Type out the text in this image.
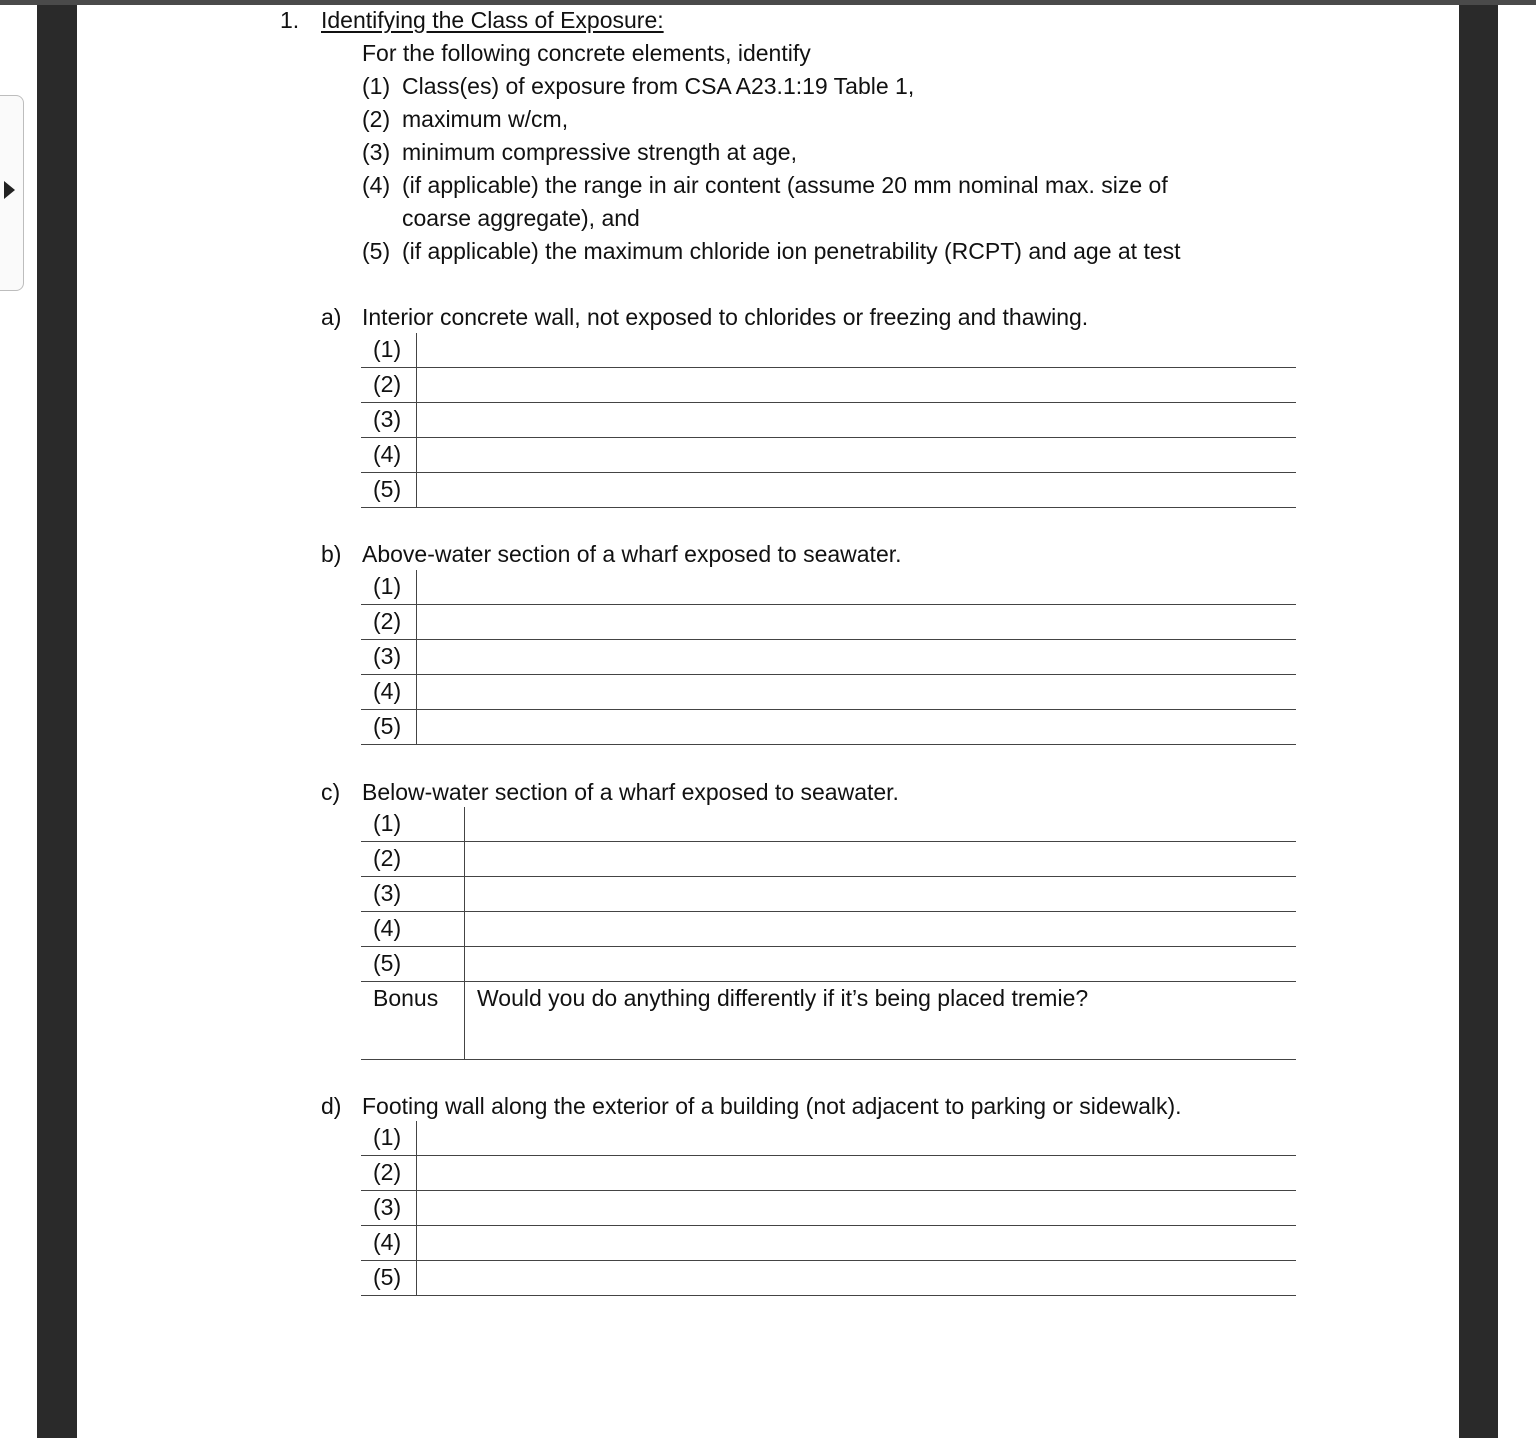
1. Identifying the Class of Exposure:
For the following concrete elements, identify
(1) Class(es) of exposure from CSA A23.1:19 Table 1,
(2) maximum w/cm,
(3) minimum compressive strength at age,
(4) (if applicable) the range in air content (assume 20 mm nominal max. size of
coarse aggregate), and
(5) (if applicable) the maximum chloride ion penetrability (RCPT) and age at test
a) Interior concrete wall, not exposed to chlorides or freezing and thawing.
(1)
(2)
(3)
(4)
(5)
b) Above-water section of a wharf exposed to seawater.
(1)
(2)
(3)
(4)
(5)
c) Below-water section of a wharf exposed to seawater.
(1)
(2)
(3)
(4)
(5)
Bonus	Would you do anything differently if it’s being placed tremie?
d) Footing wall along the exterior of a building (not adjacent to parking or sidewalk).
(1)
(2)
(3)
(4)
(5)
